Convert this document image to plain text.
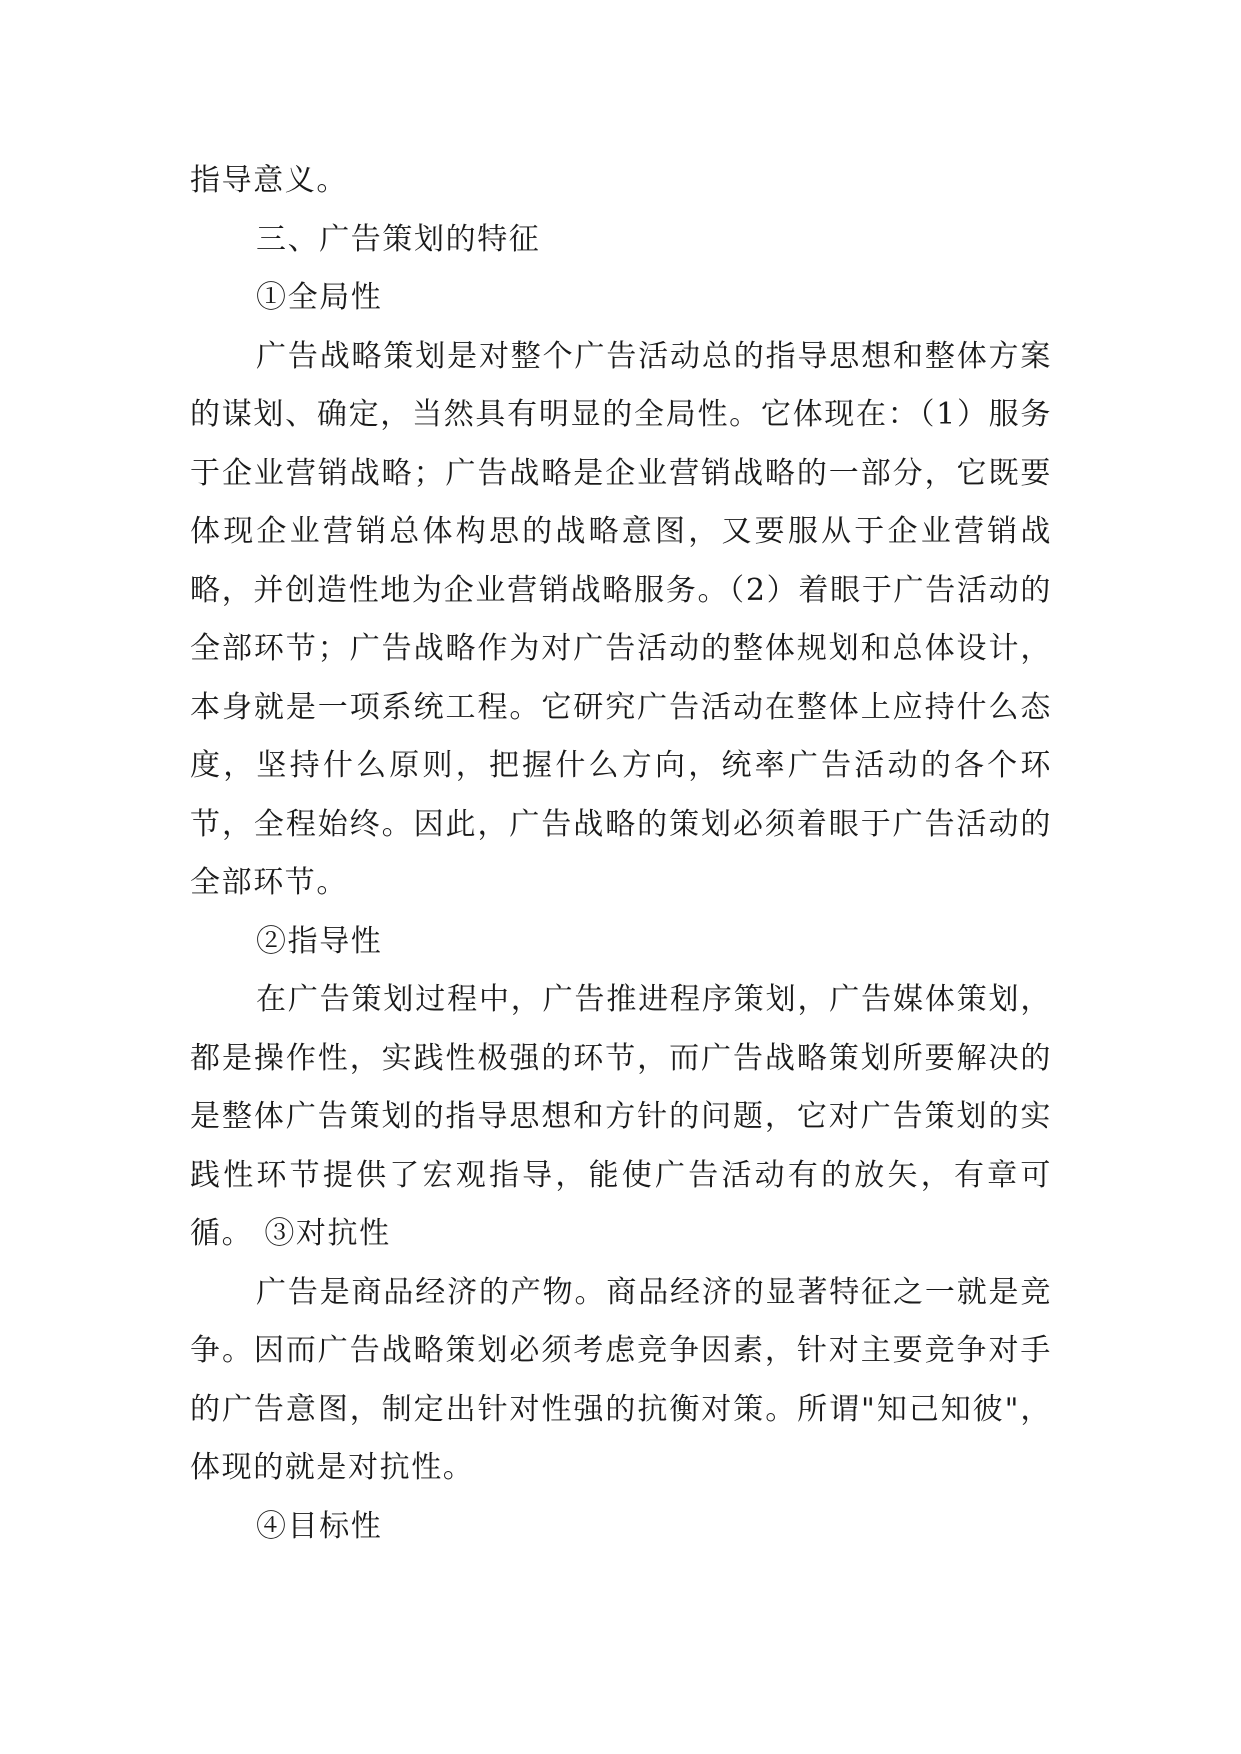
指导意义。

三、广告策划的特征

①全局性

广告战略策划是对整个广告活动总的指导思想和整体方案的谋划、确定，当然具有明显的全局性。它体现在：（1）服务于企业营销战略；广告战略是企业营销战略的一部分，它既要体现企业营销总体构思的战略意图，又要服从于企业营销战略，并创造性地为企业营销战略服务。（2）着眼于广告活动的全部环节；广告战略作为对广告活动的整体规划和总体设计，本身就是一项系统工程。它研究广告活动在整体上应持什么态度，坚持什么原则，把握什么方向，统率广告活动的各个环节，全程始终。因此，广告战略的策划必须着眼于广告活动的全部环节。

②指导性

在广告策划过程中，广告推进程序策划，广告媒体策划，都是操作性，实践性极强的环节，而广告战略策划所要解决的是整体广告策划的指导思想和方针的问题，它对广告策划的实践性环节提供了宏观指导，能使广告活动有的放矢，有章可循。 ③对抗性

广告是商品经济的产物。商品经济的显著特征之一就是竞争。因而广告战略策划必须考虑竞争因素，针对主要竞争对手的广告意图，制定出针对性强的抗衡对策。所谓"知己知彼"，体现的就是对抗性。

④目标性
